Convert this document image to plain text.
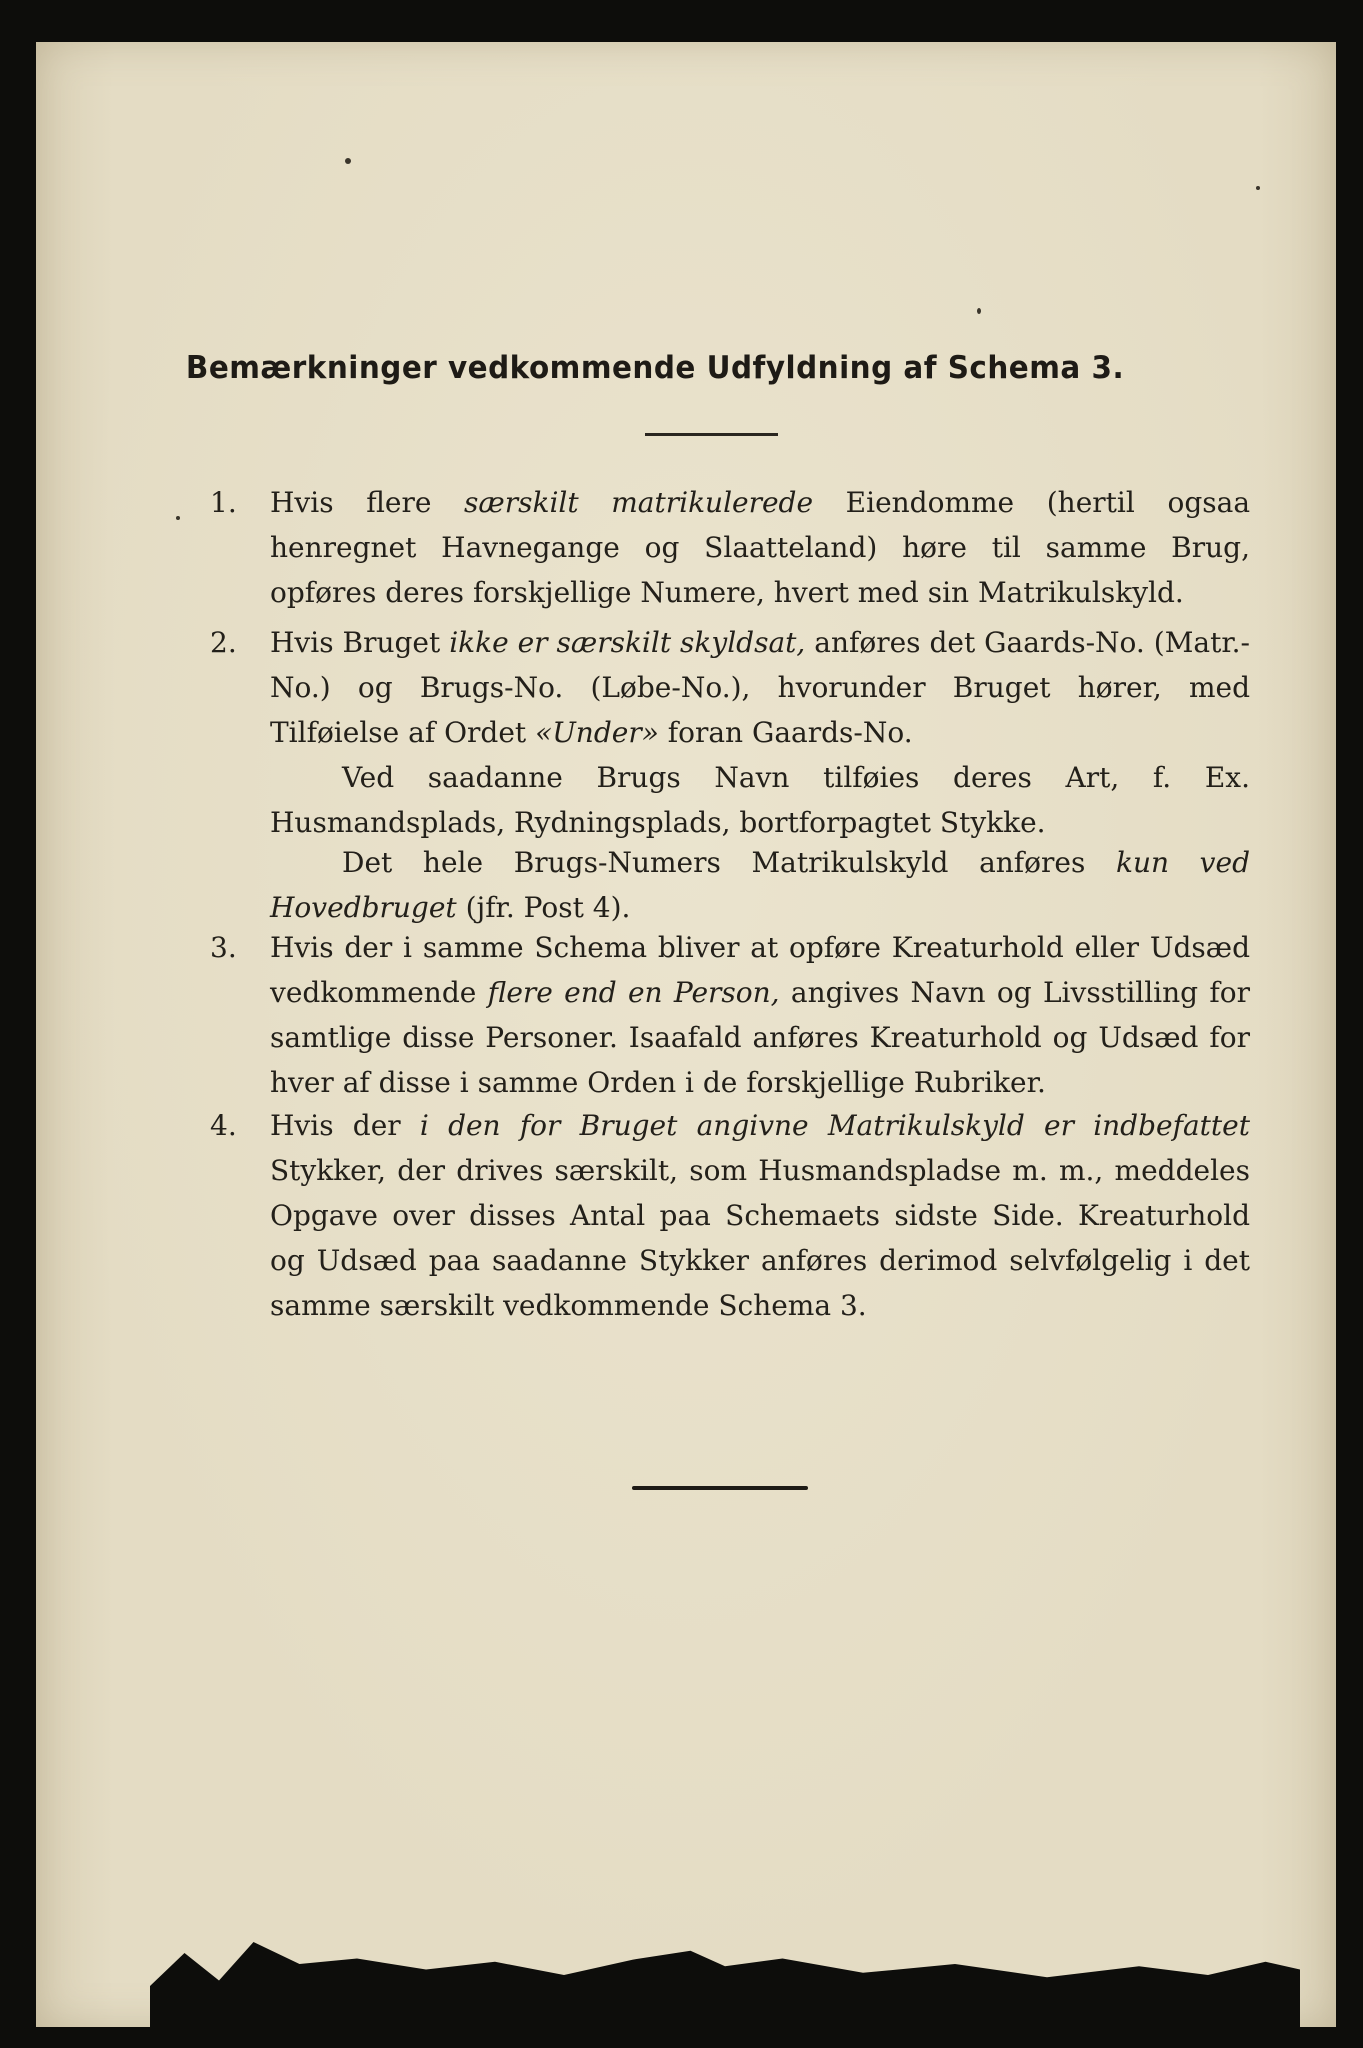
Bemærkninger vedkommende Udfyldning af Schema 3.
1.	Hvis flere særskilt matrikulerede Eiendomme (hertil ogsaa henregnet Havnegange og Slaatteland) høre til samme Brug, opføres deres forskjellige Numere, hvert med sin Matrikulskyld.
2.	Hvis Bruget ikke er særskilt skyldsat, anføres det Gaards-No. (Matr.-No.) og Brugs-No. (Løbe-No.), hvorunder Bruget hører, med Tilføielse af Ordet «Under» foran Gaards-No.
Ved saadanne Brugs Navn tilføies deres Art, f. Ex. Husmandsplads, Rydningsplads, bortforpagtet Stykke.
Det hele Brugs-Numers Matrikulskyld anføres kun ved Hovedbruget (jfr. Post 4).
3.	Hvis der i samme Schema bliver at opføre Kreaturhold eller Udsæd vedkommende flere end en Person, angives Navn og Livsstilling for samtlige disse Personer. Isaafald anføres Kreaturhold og Udsæd for hver af disse i samme Orden i de forskjellige Rubriker.
4.	Hvis der i den for Bruget angivne Matrikulskyld er indbefattet Stykker, der drives særskilt, som Husmandspladse m. m., meddeles Opgave over disses Antal paa Schemaets sidste Side. Kreaturhold og Udsæd paa saadanne Stykker anføres derimod selvfølgelig i det samme særskilt vedkommende Schema 3.
